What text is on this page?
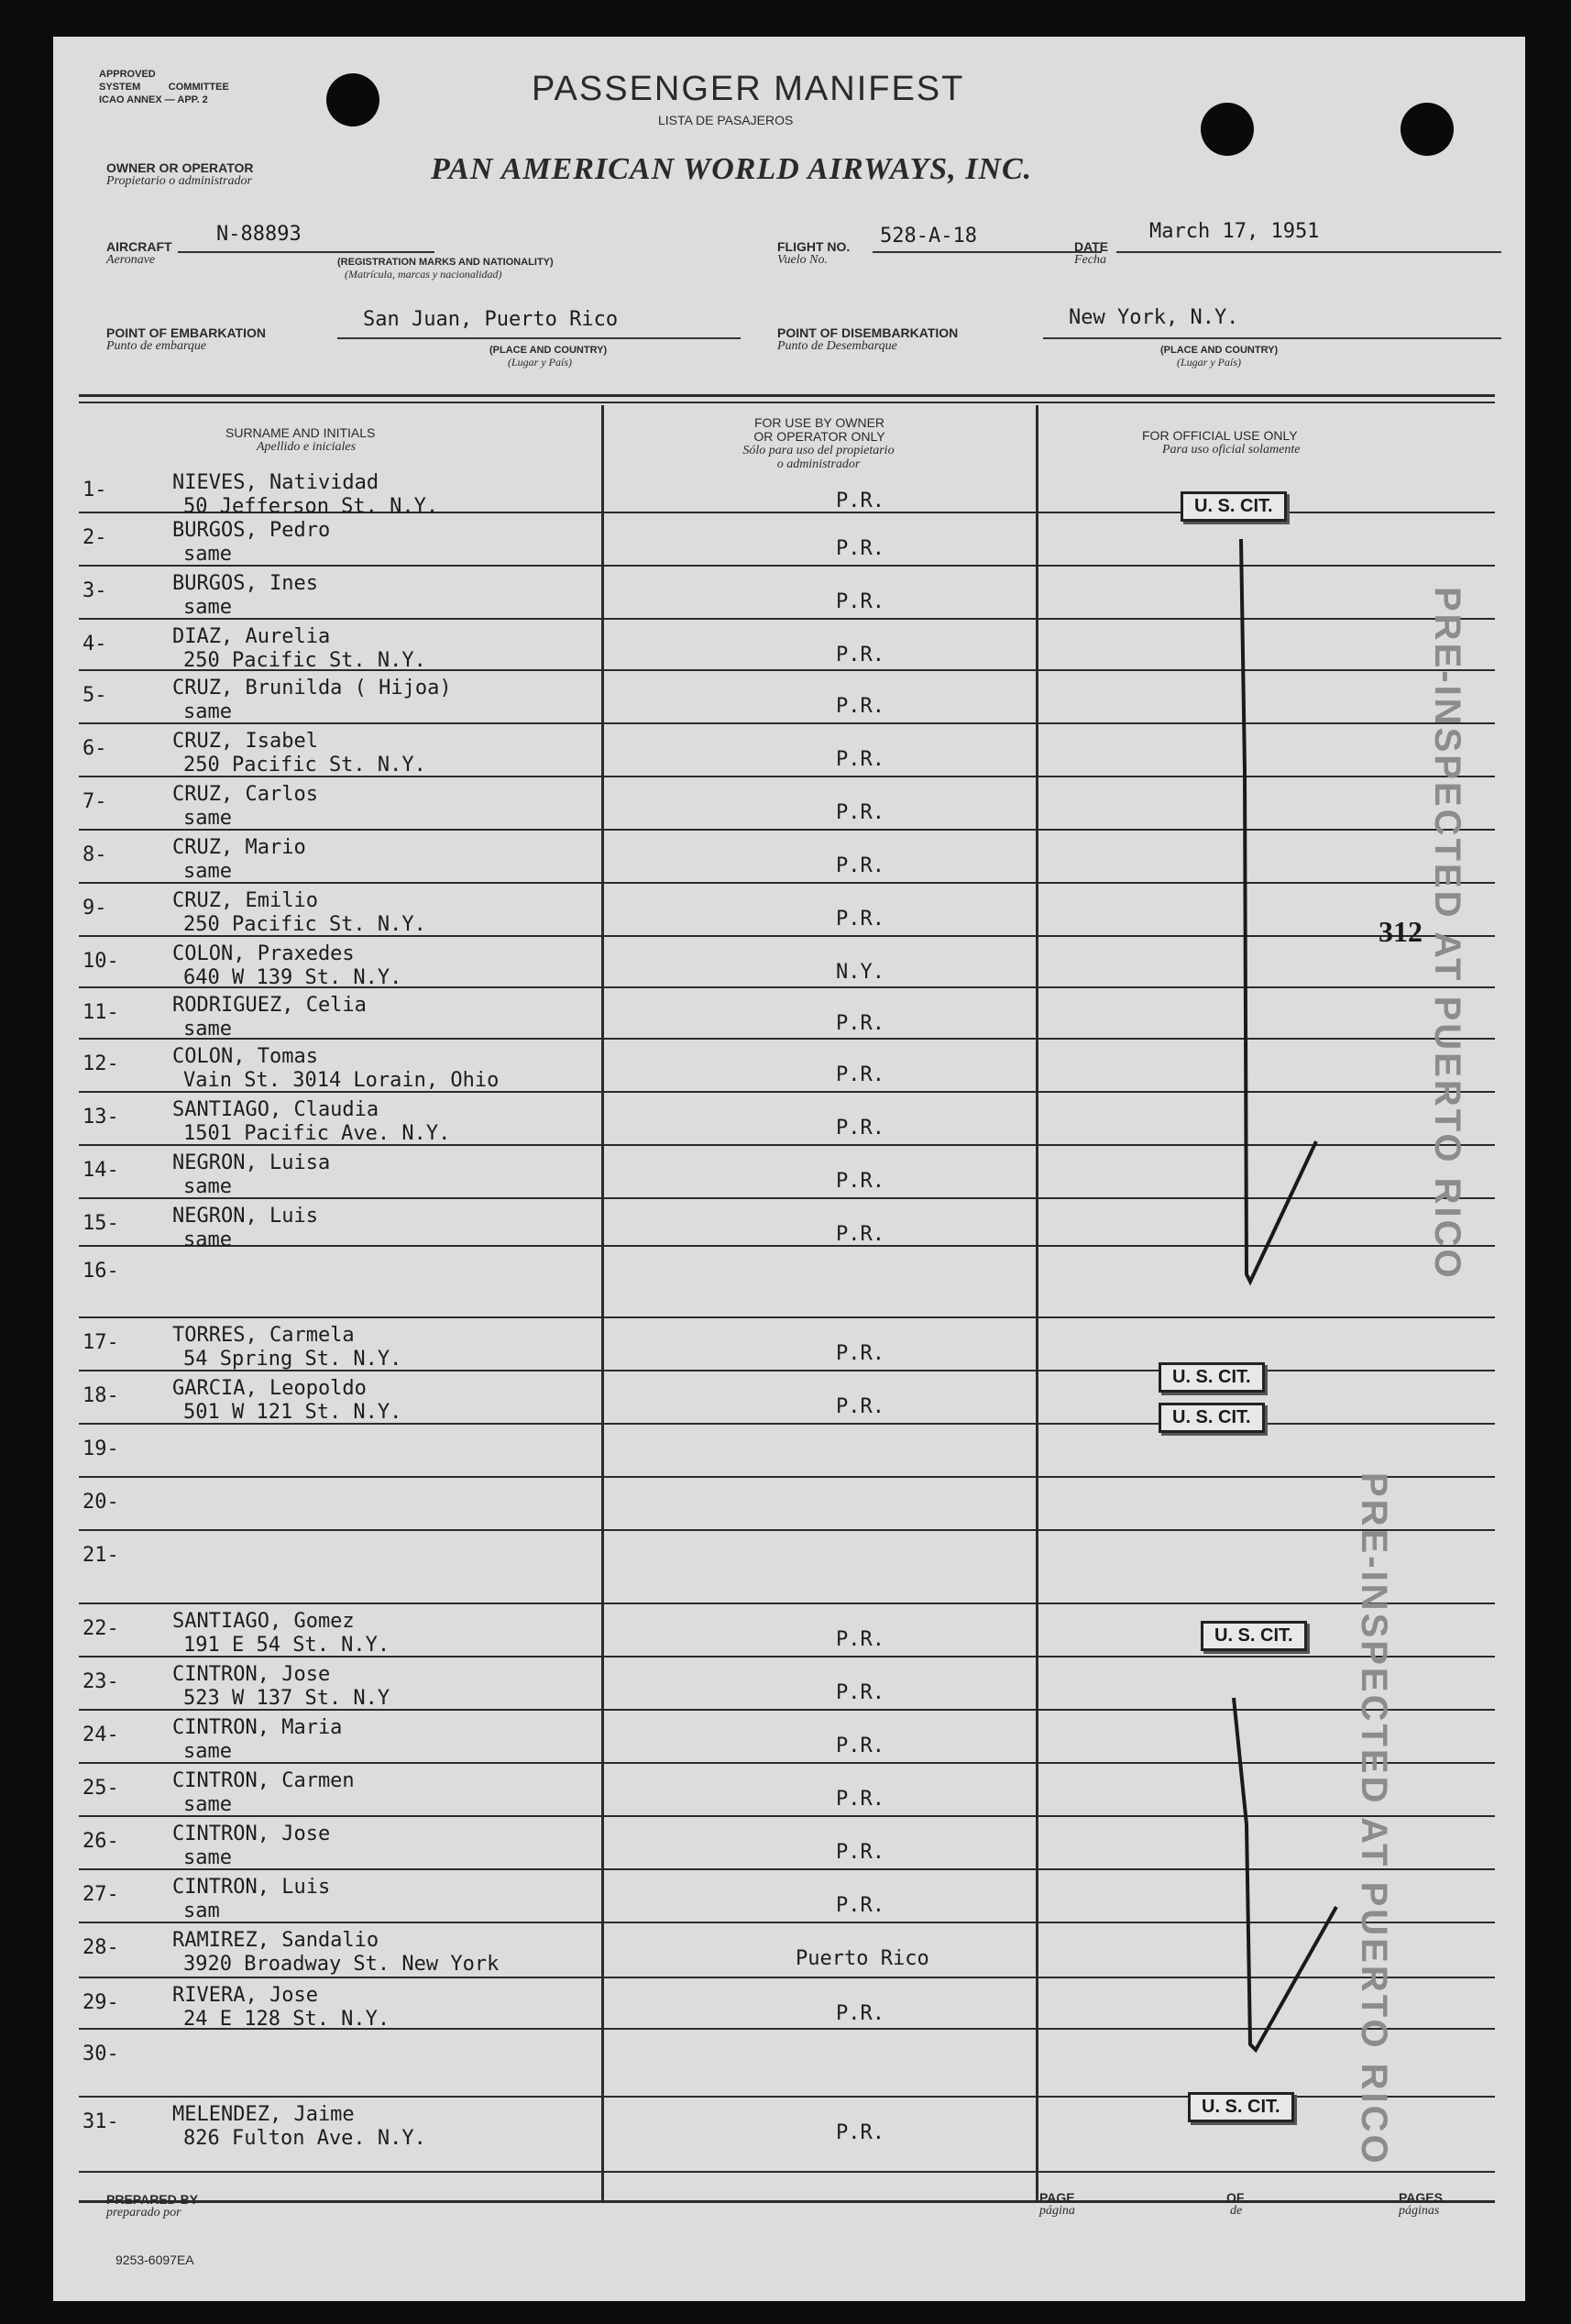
APPROVED
SYSTEM	COMMITTEE
ICAO ANNEX — APP. 2	PASSENGER MANIFEST
LISTA DE PASAJEROS
OWNER OR OPERATOR
Propietario o administrador	PAN AMERICAN WORLD AIRWAYS, INC.
AIRCRAFT
Aeronave
N-88893
(REGISTRATION MARKS AND NATIONALITY)
(Matrícula, marcas y nacionalidad)
FLIGHT NO.
Vuelo No.
528-A-18	DATE
Fecha
March 17, 1951
POINT OF EMBARKATION
Punto de embarque
San Juan, Puerto Rico
(PLACE AND COUNTRY)
(Lugar y País)
POINT OF DISEMBARKATION
Punto de Desembarque
New York, N.Y.
(PLACE AND COUNTRY)
(Lugar y País)
SURNAME AND INITIALS
Apellido e iniciales
FOR USE BY OWNER
OR OPERATOR ONLY
Sólo para uso del propietario
o administrador
FOR OFFICIAL USE ONLY
Para uso oficial solamente
1-	NIEVES, Natividad
50 Jefferson St. N.Y.	P.R.
2-	BURGOS, Pedro
same	P.R.
3-	BURGOS, Ines
same	P.R.
4-	DIAZ, Aurelia
250 Pacific St. N.Y.	P.R.
5-	CRUZ, Brunilda ( Hijoa)
same	P.R.
6-	CRUZ, Isabel
250 Pacific St. N.Y.	P.R.
7-	CRUZ, Carlos
same	P.R.
8-	CRUZ, Mario
same	P.R.
9-	CRUZ, Emilio
250 Pacific St. N.Y.	P.R.
10-	COLON, Praxedes
640 W 139 St. N.Y.	N.Y.
11-	RODRIGUEZ, Celia
same	P.R.
12-	COLON, Tomas
Vain St. 3014 Lorain, Ohio	P.R.
13-	SANTIAGO, Claudia
1501 Pacific Ave. N.Y.	P.R.
14-	NEGRON, Luisa
same	P.R.
15-	NEGRON, Luis
same	P.R.
16-
17-	TORRES, Carmela
54 Spring St. N.Y.	P.R.
18-	GARCIA, Leopoldo
501 W 121 St. N.Y.	P.R.
19-
20-
21-
22-	SANTIAGO, Gomez
191 E 54 St. N.Y.	P.R.
23-	CINTRON, Jose
523 W 137 St. N.Y	P.R.
24-	CINTRON, Maria
same	P.R.
25-	CINTRON, Carmen
same	P.R.
26-	CINTRON, Jose
same	P.R.
27-	CINTRON, Luis
sam	P.R.
28-	RAMIREZ, Sandalio
3920 Broadway St. New York	Puerto Rico
29-	RIVERA, Jose
24 E 128 St. N.Y.	P.R.
30-
31-	MELENDEZ, Jaime
826 Fulton Ave. N.Y.	P.R.
U. S. CIT.
U. S. CIT.
U. S. CIT.
U. S. CIT.
U. S. CIT.
312 PRE-INSPECTED AT PUERTO RICO
PRE-INSPECTED AT PUERTO RICO
PREPARED BY
preparado por
PAGE
página
OF
de
PAGES
páginas
9253-6097EA
